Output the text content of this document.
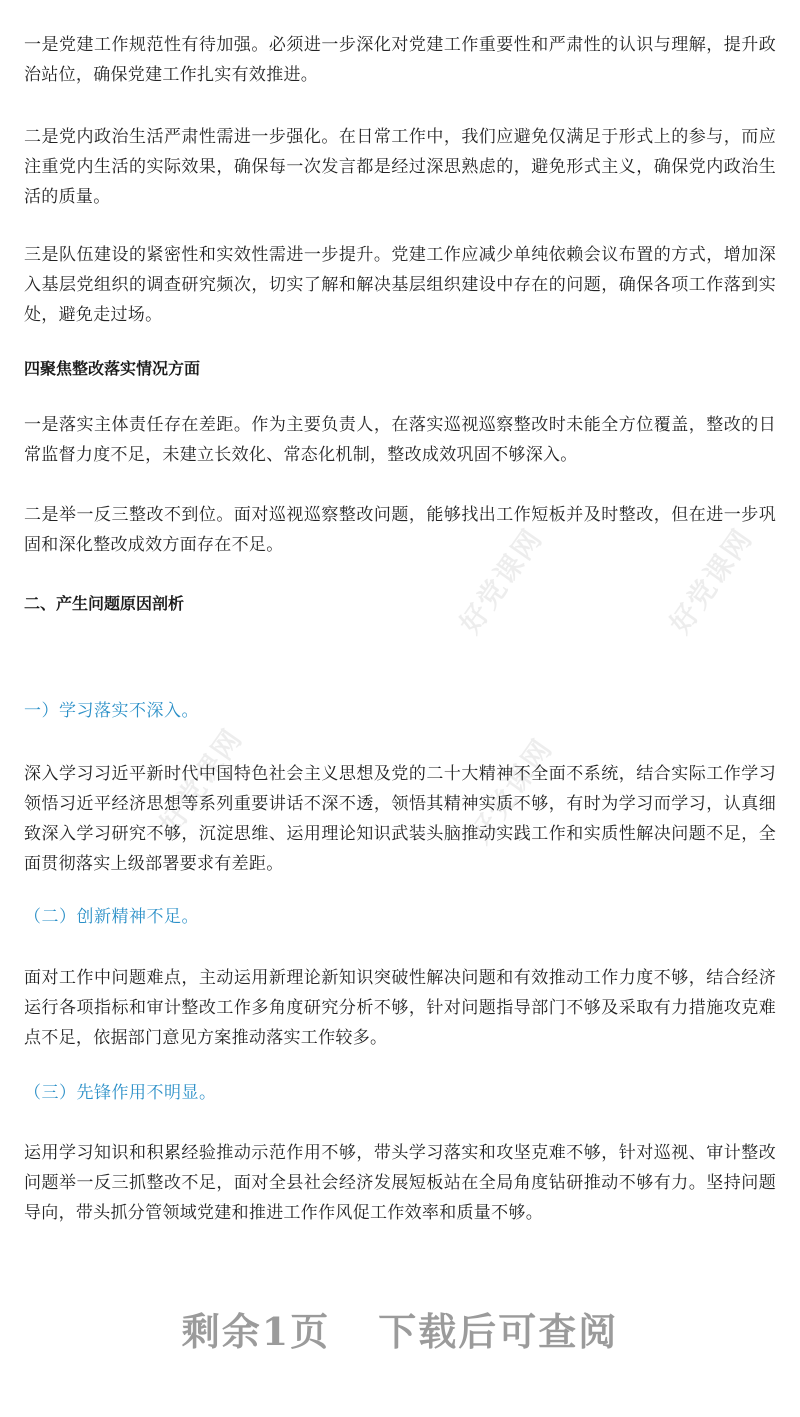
一是党建工作规范性有待加强。必须进一步深化对党建工作重要性和严肃性的认识与理解，提升政治站位，确保党建工作扎实有效推进。

二是党内政治生活严肃性需进一步强化。在日常工作中，我们应避免仅满足于形式上的参与，而应注重党内生活的实际效果，确保每一次发言都是经过深思熟虑的，避免形式主义，确保党内政治生活的质量。

三是队伍建设的紧密性和实效性需进一步提升。党建工作应减少单纯依赖会议布置的方式，增加深入基层党组织的调查研究频次，切实了解和解决基层组织建设中存在的问题，确保各项工作落到实处，避免走过场。

四聚焦整改落实情况方面

一是落实主体责任存在差距。作为主要负责人，在落实巡视巡察整改时未能全方位覆盖，整改的日常监督力度不足，未建立长效化、常态化机制，整改成效巩固不够深入。

二是举一反三整改不到位。面对巡视巡察整改问题，能够找出工作短板并及时整改，但在进一步巩固和深化整改成效方面存在不足。

二、产生问题原因剖析

一）学习落实不深入。

深入学习习近平新时代中国特色社会主义思想及党的二十大精神不全面不系统，结合实际工作学习领悟习近平经济思想等系列重要讲话不深不透，领悟其精神实质不够，有时为学习而学习，认真细致深入学习研究不够，沉淀思维、运用理论知识武装头脑推动实践工作和实质性解决问题不足，全面贯彻落实上级部署要求有差距。

（二）创新精神不足。

面对工作中问题难点，主动运用新理论新知识突破性解决问题和有效推动工作力度不够，结合经济运行各项指标和审计整改工作多角度研究分析不够，针对问题指导部门不够及采取有力措施攻克难点不足，依据部门意见方案推动落实工作较多。

（三）先锋作用不明显。

运用学习知识和积累经验推动示范作用不够，带头学习落实和攻坚克难不够，针对巡视、审计整改问题举一反三抓整改不足，面对全县社会经济发展短板站在全局角度钻研推动不够有力。坚持问题导向，带头抓分管领域党建和推进工作作风促工作效率和质量不够。

好党课网
好党课网	好党课网
好党课网
剩余1页 下载后可查阅
